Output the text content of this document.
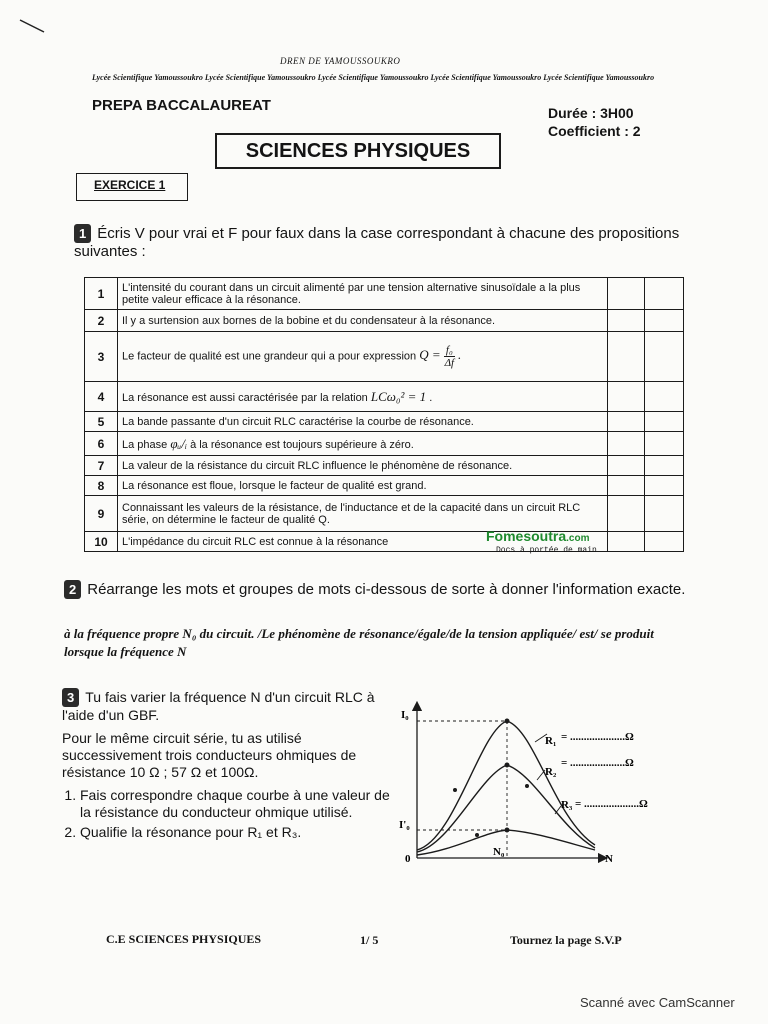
DREN DE YAMOUSSOUKRO
Lycée Scientifique Yamoussoukro Lycée Scientifique Yamoussoukro Lycée Scientifique Yamoussoukro Lycée Scientifique Yamoussoukro Lycée Scientifique Yamoussoukro
PREPA BACCALAUREAT	Durée : 3H00
Coefficient : 2
SCIENCES PHYSIQUES
EXERCICE 1
1 Écris V pour vrai et F pour faux dans la case correspondant à chacune des propositions suivantes :
1	L'intensité du courant dans un circuit alimenté par une tension alternative sinusoïdale a la plus petite valeur efficace à la résonance.		
2	Il y a surtension aux bornes de la bobine et du condensateur à la résonance.		
3	Le facteur de qualité est une grandeur qui a pour expression $Q = \frac{\text{f₀}}{\Delta f}$ .		
4	La résonance est aussi caractérisée par la relation LCω₀² = 1 .		
5	La bande passante d'un circuit RLC caractérise la courbe de résonance.		
6	La phase φᵤ/ᵢ à la résonance est toujours supérieure à zéro.		
7	La valeur de la résistance du circuit RLC influence le phénomène de résonance.		
8	La résonance est floue, lorsque le facteur de qualité est grand.		
9	Connaissant les valeurs de la résistance, de l'inductance et de la capacité dans un circuit RLC série, on détermine le facteur de qualité Q.		
10	L'impédance du circuit RLC est connue à la résonance			Fomesoutra.com
Docs à portée de main
2 Réarrange les mots et groupes de mots ci-dessous de sorte à donner l'information exacte.
à la fréquence propre N₀ du circuit. /Le phénomène de résonance/égale/de la tension appliquée/ est/ se produit lorsque la fréquence N

3 Tu fais varier la fréquence N d'un circuit RLC à l'aide d'un GBF.

Pour le même circuit série, tu as utilisé successivement trois conducteurs ohmiques de résistance 10 Ω ; 57 Ω et 100Ω.

1. Fais correspondre chaque courbe à une valeur de la résistance du conducteur ohmique utilisé.
2. Qualifie la résonance pour R₁ et R₃.
I₀
I'₀
0
N₀
N
R₁
R₂
R₃
= ....................Ω
= ....................Ω
= ....................Ω
C.E SCIENCES PHYSIQUES	1/ 5	Tournez la page S.V.P
Scanné avec CamScanner
